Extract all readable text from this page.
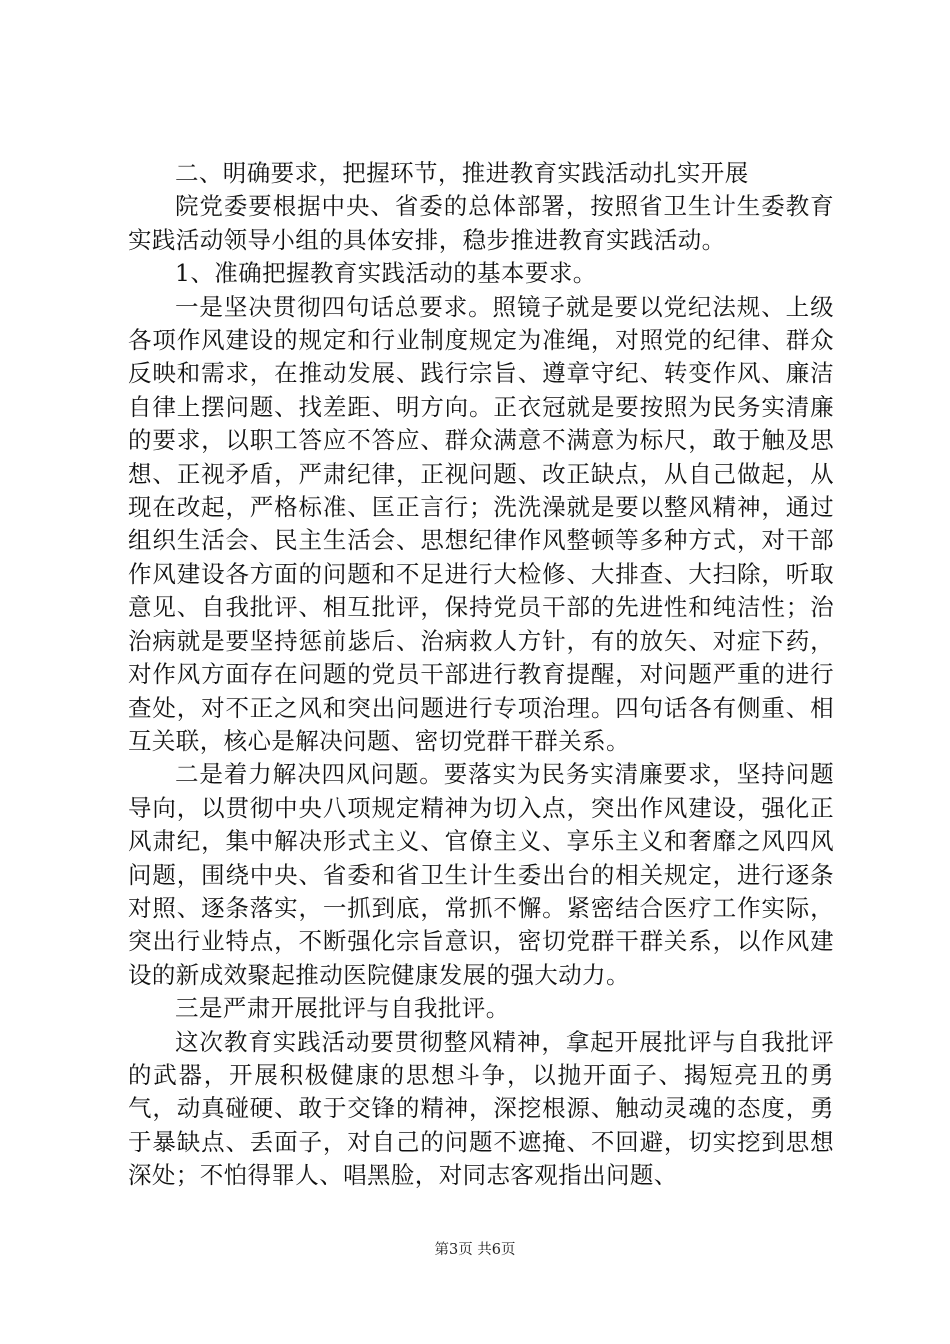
二、明确要求，把握环节，推进教育实践活动扎实开展

院党委要根据中央、省委的总体部署，按照省卫生计生委教育实践活动领导小组的具体安排，稳步推进教育实践活动。

1、准确把握教育实践活动的基本要求。

一是坚决贯彻四句话总要求。照镜子就是要以党纪法规、上级各项作风建设的规定和行业制度规定为准绳，对照党的纪律、群众反映和需求，在推动发展、践行宗旨、遵章守纪、转变作风、廉洁自律上摆问题、找差距、明方向。正衣冠就是要按照为民务实清廉的要求，以职工答应不答应、群众满意不满意为标尺，敢于触及思想、正视矛盾，严肃纪律，正视问题、改正缺点，从自己做起，从现在改起，严格标准、匡正言行；洗洗澡就是要以整风精神，通过组织生活会、民主生活会、思想纪律作风整顿等多种方式，对干部作风建设各方面的问题和不足进行大检修、大排查、大扫除，听取意见、自我批评、相互批评，保持党员干部的先进性和纯洁性；治治病就是要坚持惩前毖后、治病救人方针，有的放矢、对症下药，对作风方面存在问题的党员干部进行教育提醒，对问题严重的进行查处，对不正之风和突出问题进行专项治理。四句话各有侧重、相互关联，核心是解决问题、密切党群干群关系。

二是着力解决四风问题。要落实为民务实清廉要求，坚持问题导向，以贯彻中央八项规定精神为切入点，突出作风建设，强化正风肃纪，集中解决形式主义、官僚主义、享乐主义和奢靡之风四风问题，围绕中央、省委和省卫生计生委出台的相关规定，进行逐条对照、逐条落实，一抓到底，常抓不懈。紧密结合医疗工作实际，突出行业特点，不断强化宗旨意识，密切党群干群关系，以作风建设的新成效聚起推动医院健康发展的强大动力。

三是严肃开展批评与自我批评。

这次教育实践活动要贯彻整风精神，拿起开展批评与自我批评的武器，开展积极健康的思想斗争，以抛开面子、揭短亮丑的勇气，动真碰硬、敢于交锋的精神，深挖根源、触动灵魂的态度，勇于暴缺点、丢面子，对自己的问题不遮掩、不回避，切实挖到思想深处；不怕得罪人、唱黑脸，对同志客观指出问题、

第3页 共6页
